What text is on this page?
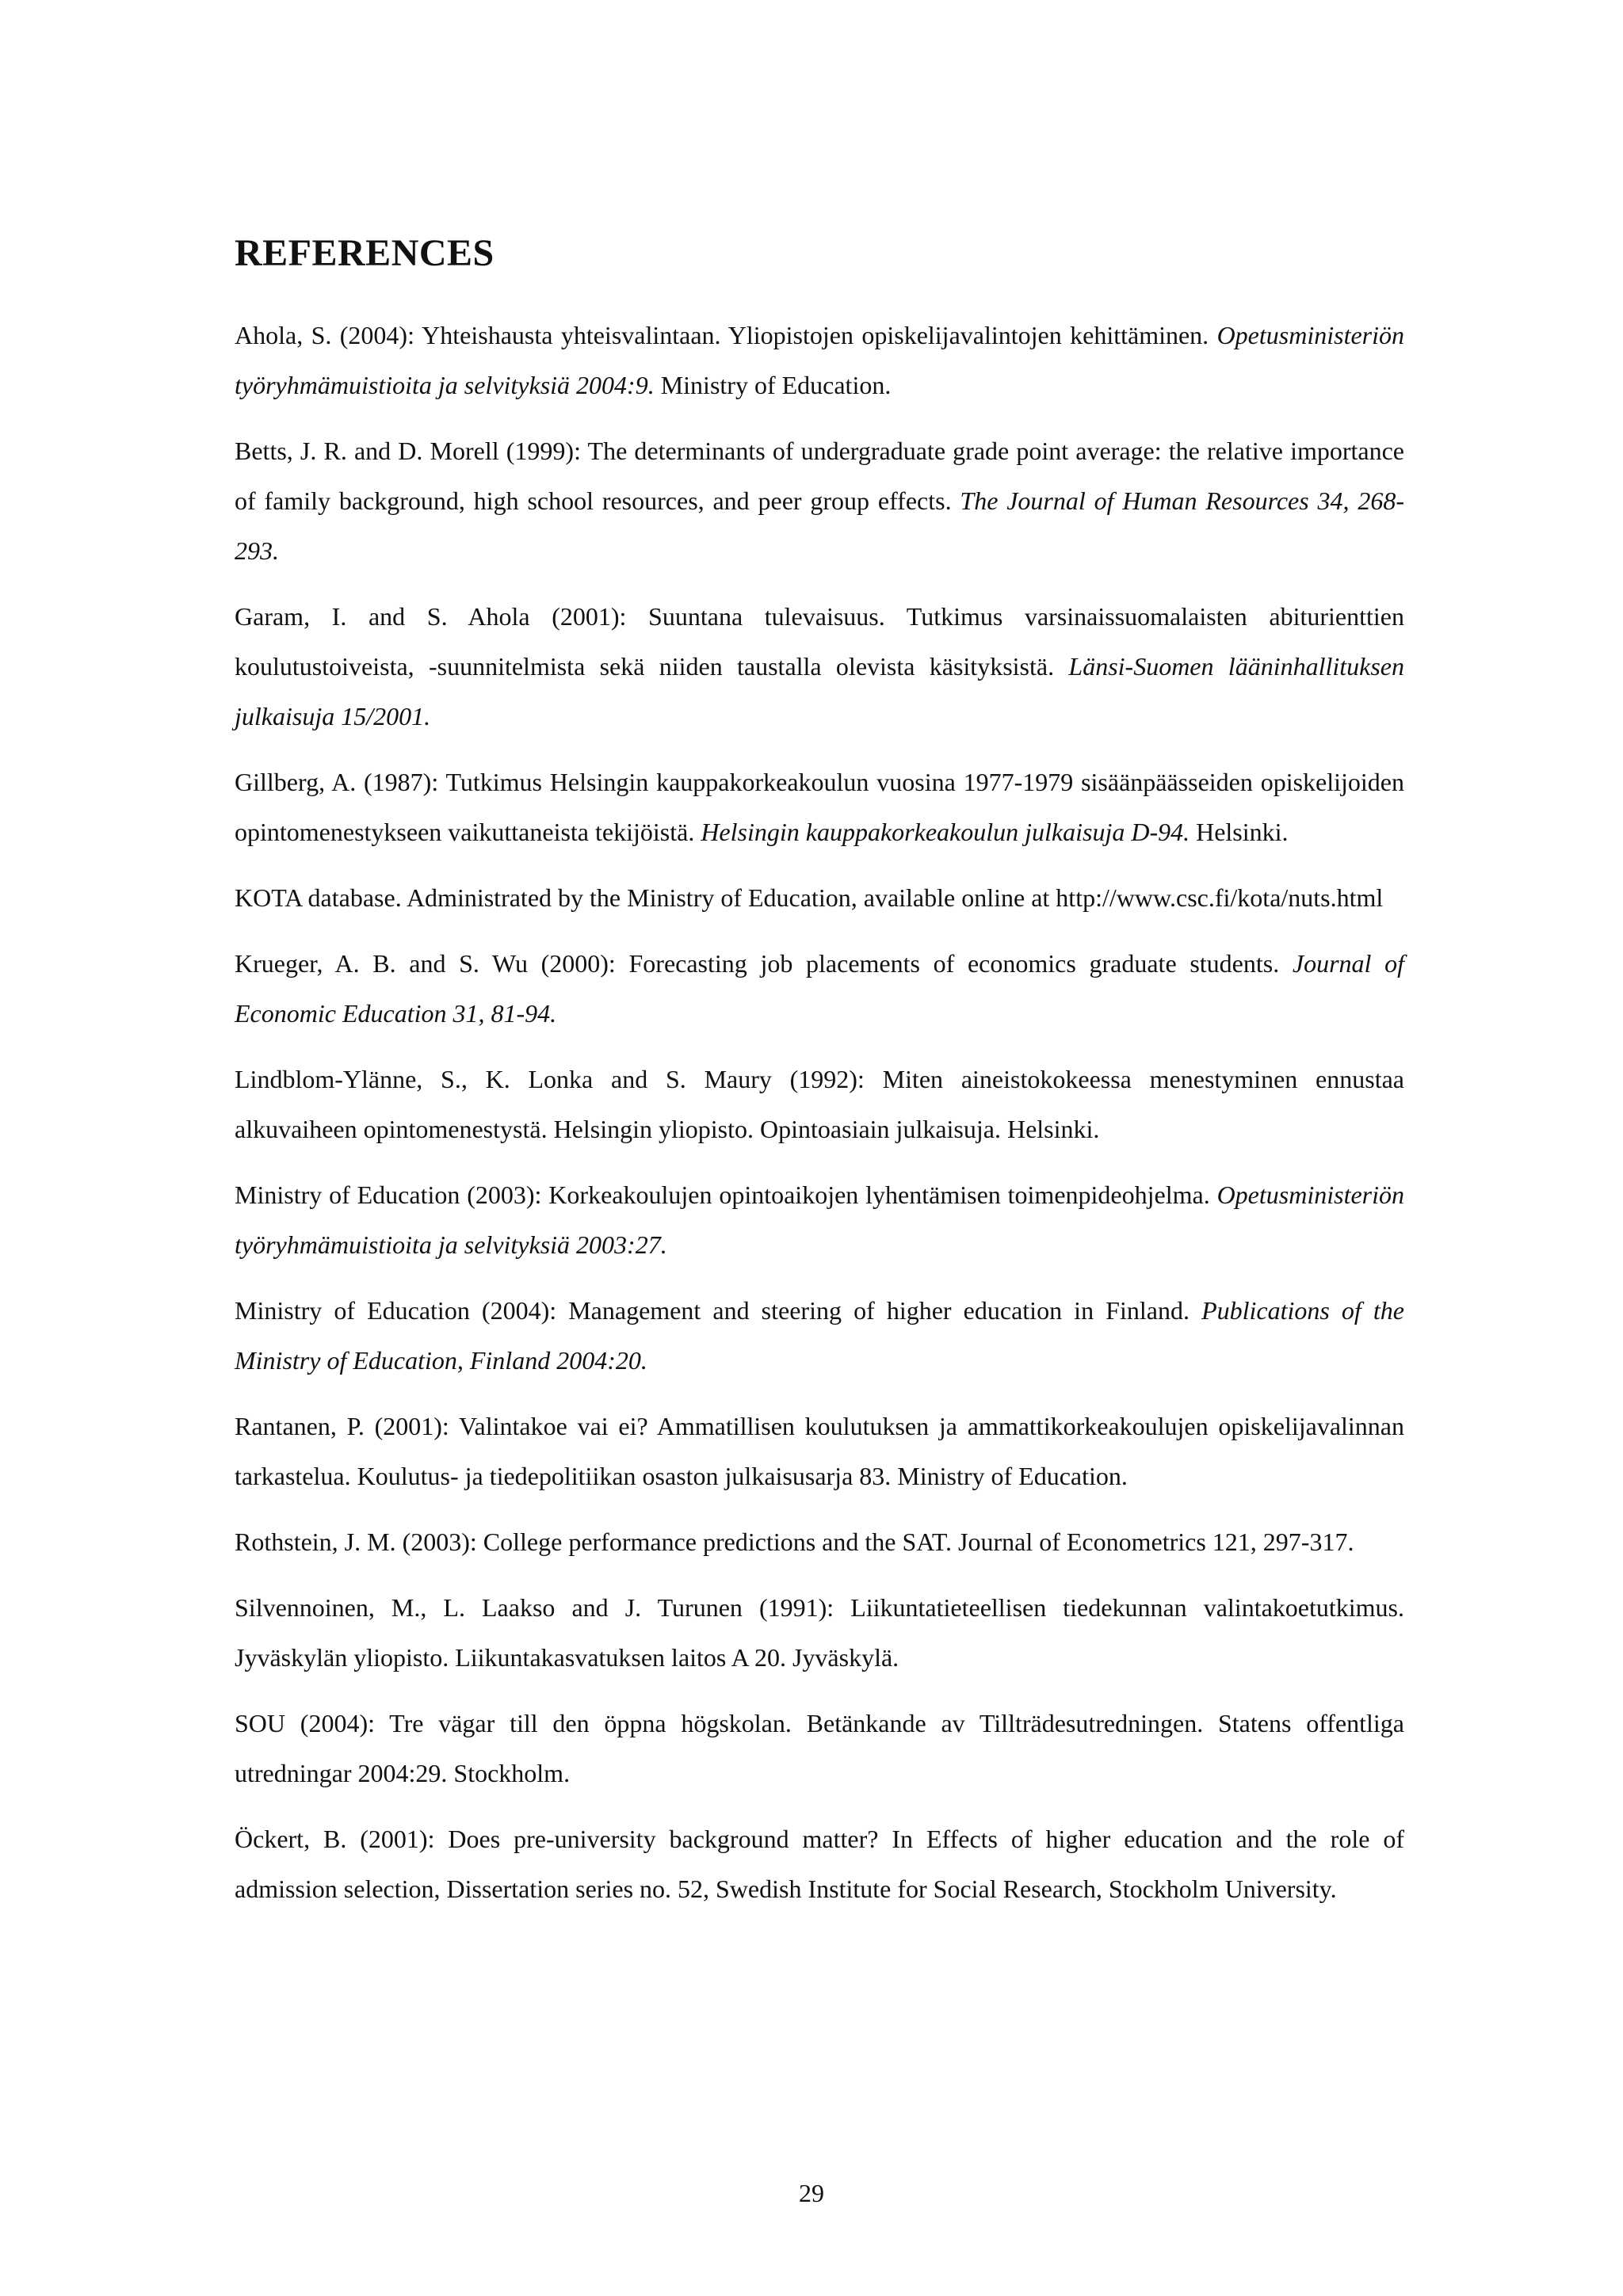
REFERENCES
Ahola, S. (2004): Yhteishausta yhteisvalintaan. Yliopistojen opiskelijavalintojen kehittäminen. Opetusministeriön työryhmämuistioita ja selvityksiä 2004:9. Ministry of Education.
Betts, J. R. and D. Morell (1999): The determinants of undergraduate grade point average: the relative importance of family background, high school resources, and peer group effects. The Journal of Human Resources 34, 268-293.
Garam, I. and S. Ahola (2001): Suuntana tulevaisuus. Tutkimus varsinaissuomalaisten abiturienttien koulutustoiveista, -suunnitelmista sekä niiden taustalla olevista käsityksistä. Länsi-Suomen lääninhallituksen julkaisuja 15/2001.
Gillberg, A. (1987): Tutkimus Helsingin kauppakorkeakoulun vuosina 1977-1979 sisäänpäässeiden opiskelijoiden opintomenestykseen vaikuttaneista tekijöistä. Helsingin kauppakorkeakoulun julkaisuja D-94. Helsinki.
KOTA database. Administrated by the Ministry of Education, available online at http://www.csc.fi/kota/nuts.html
Krueger, A. B. and S. Wu (2000): Forecasting job placements of economics graduate students. Journal of Economic Education 31, 81-94.
Lindblom-Ylänne, S., K. Lonka and S. Maury (1992): Miten aineistokokeessa menestyminen ennustaa alkuvaiheen opintomenestystä. Helsingin yliopisto. Opintoasiain julkaisuja. Helsinki.
Ministry of Education (2003): Korkeakoulujen opintoaikojen lyhentämisen toimenpideohjelma. Opetusministeriön työryhmämuistioita ja selvityksiä 2003:27.
Ministry of Education (2004): Management and steering of higher education in Finland. Publications of the Ministry of Education, Finland 2004:20.
Rantanen, P. (2001): Valintakoe vai ei? Ammatillisen koulutuksen ja ammattikorkeakoulujen opiskelijavalinnan tarkastelua. Koulutus- ja tiedepolitiikan osaston julkaisusarja 83. Ministry of Education.
Rothstein, J. M. (2003): College performance predictions and the SAT. Journal of Econometrics 121, 297-317.
Silvennoinen, M., L. Laakso and J. Turunen (1991): Liikuntatieteellisen tiedekunnan valintakoetutkimus. Jyväskylän yliopisto. Liikuntakasvatuksen laitos A 20. Jyväskylä.
SOU (2004): Tre vägar till den öppna högskolan. Betänkande av Tillträdesutredningen. Statens offentliga utredningar 2004:29. Stockholm.
Öckert, B. (2001): Does pre-university background matter? In Effects of higher education and the role of admission selection, Dissertation series no. 52, Swedish Institute for Social Research, Stockholm University.
29
